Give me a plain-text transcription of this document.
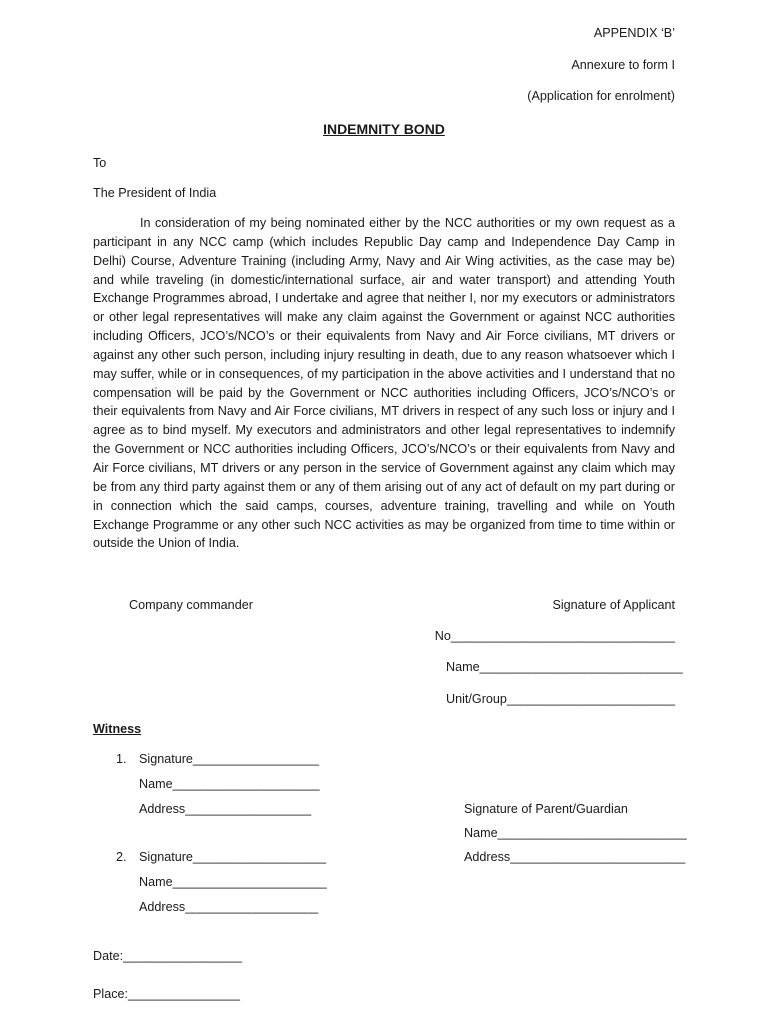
APPENDIX ‘B’
Annexure to form I
(Application for enrolment)
INDEMNITY BOND
To
The President of India
In consideration of my being nominated either by the NCC authorities or my own request as a participant in any NCC camp (which includes Republic Day camp and Independence Day Camp in Delhi) Course, Adventure Training (including Army, Navy and Air Wing activities, as the case may be) and while traveling (in domestic/international surface, air and water transport) and attending Youth Exchange Programmes abroad, I undertake and agree that neither I, nor my executors or administrators or other legal representatives will make any claim against the Government or against NCC authorities including Officers, JCO’s/NCO’s or their equivalents from Navy and Air Force civilians, MT drivers or against any other such person, including injury resulting in death, due to any reason whatsoever which I may suffer, while or in consequences, of my participation in the above activities and I understand that no compensation will be paid by the Government or NCC authorities including Officers, JCO’s/NCO’s or their equivalents from Navy and Air Force civilians, MT drivers in respect of any such loss or injury and I agree as to bind myself. My executors and administrators and other legal representatives to indemnify the Government or NCC authorities including Officers, JCO’s/NCO’s or their equivalents from Navy and Air Force civilians, MT drivers or any person in the service of Government against any claim which may be from any third party against them or any of them arising out of any act of default on my part during or in connection which the said camps, courses, adventure training, travelling and while on Youth Exchange Programme or any other such NCC activities as may be organized from time to time within or outside the Union of India.
Company commander	Signature of Applicant
No________________________________
Name_____________________________
Unit/Group________________________
Witness
1. Signature__________________
Name_____________________
Address__________________
2. Signature___________________
Name______________________
Address___________________
Signature of Parent/Guardian
Name___________________________
Address_________________________
Date:_________________
Place:________________
